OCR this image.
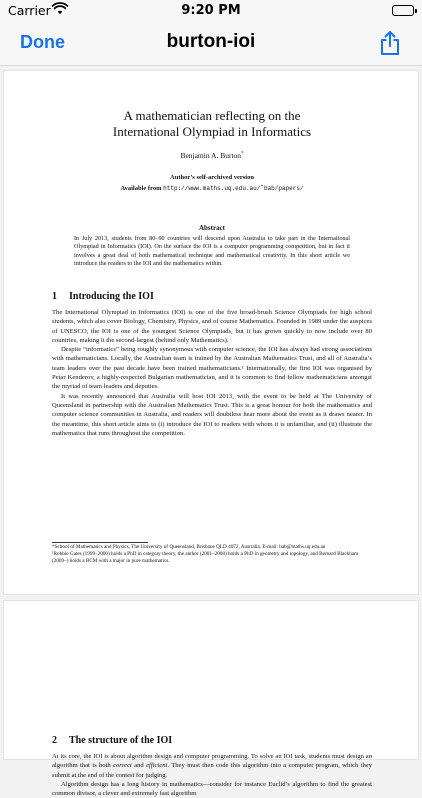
Carrier	9:20 PM
Done	burton-ioi
A mathematician reflecting on the
International Olympiad in Informatics
Benjamin A. Burton*
Author’s self-archived version
Available from http://www.maths.uq.edu.au/˜bab/papers/
Abstract
In July 2013, students from 80–90 countries will descend upon Australia to take part in the International Olympiad in Informatics (IOI). On the surface the IOI is a computer programming competition, but in fact it involves a great deal of both mathematical technique and mathematical creativity. In this short article we introduce the readers to the IOI and the mathematics within.
1 Introducing the IOI

The International Olympiad in Informatics (IOI) is one of the five broad-brush Science Olympiads for high school students, which also cover Biology, Chemistry, Physics, and of course Mathematics. Founded in 1989 under the auspices of UNESCO, the IOI is one of the youngest Science Olympiads, but it has grown quickly to now include over 80 countries, making it the second-largest (behind only Mathematics).

Despite “informatics” being roughly synonymous with computer science, the IOI has always had strong associations with mathematicians. Locally, the Australian team is trained by the Australian Mathematics Trust, and all of Australia’s team leaders over the past decade have been trained mathematicians.¹ Internationally, the first IOI was organised by Petar Kenderov, a highly-respected Bulgarian mathematician, and it is common to find fellow mathematicians amongst the myriad of team leaders and deputies.

It was recently announced that Australia will host IOI 2013, with the event to be held at The University of Queensland in partnership with the Australian Mathematics Trust. This is a great honour for both the mathematics and computer science communities in Australia, and readers will doubtless hear more about the event as it draws nearer. In the meantime, this short article aims to (i) introduce the IOI to readers with whom it is unfamiliar, and (ii) illustrate the mathematics that runs throughout the competition.

*School of Mathematics and Physics, The University of Queensland, Brisbane QLD 4072, Australia. E-mail: bab@maths.uq.edu.au

¹Robbie Gates (1999–2000) holds a PhD in category theory, the author (2001–2008) holds a PhD in geometry and topology, and Bernard Blackham (2009–) holds a BCM with a major in pure mathematics.

2 The structure of the IOI

At its core, the IOI is about algorithm design and computer programming. To solve an IOI task, students must design an algorithm that is both correct and efficient. They must then code this algorithm into a computer program, which they submit at the end of the contest for judging.

Algorithm design has a long history in mathematics—consider for instance Euclid’s algorithm to find the greatest common divisor, a clever and extremely fast algorithm
